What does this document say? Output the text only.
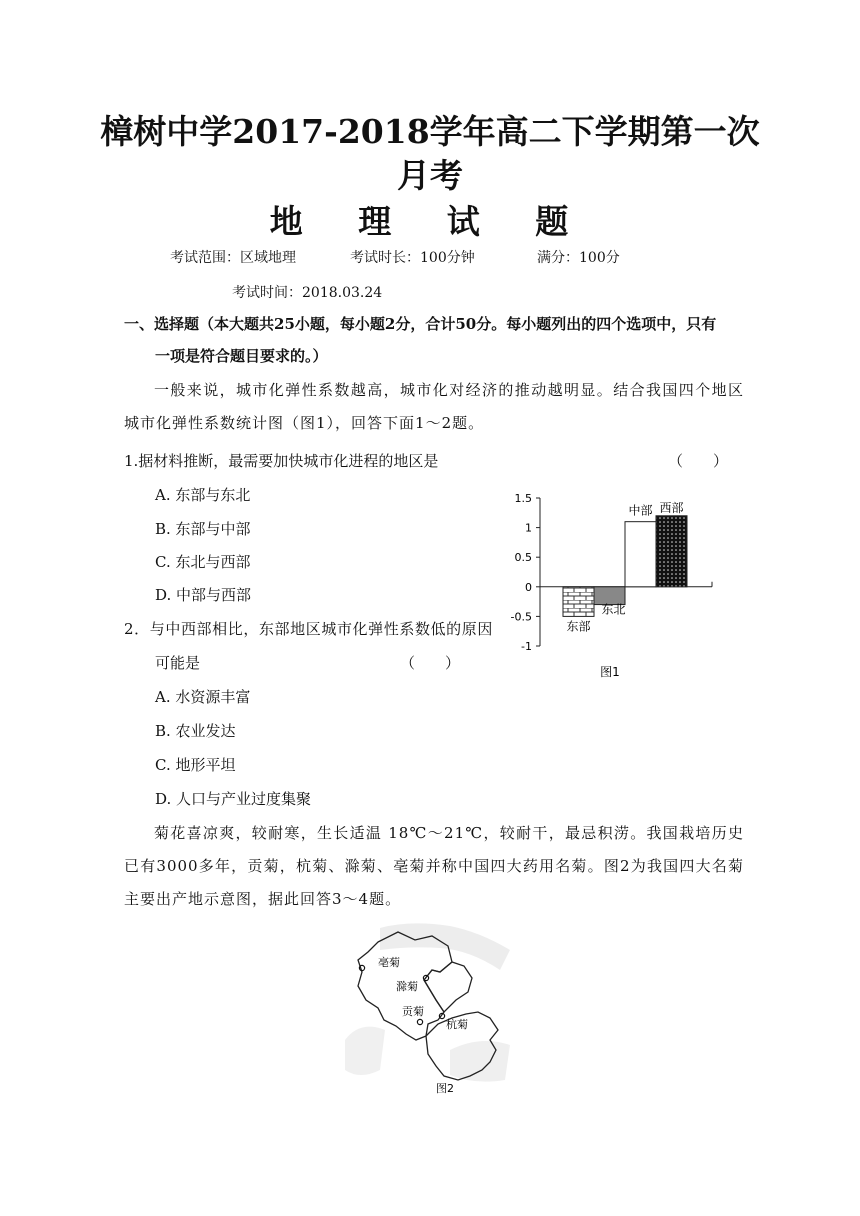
樟树中学2017-2018学年高二下学期第一次
月考
地 理 试 题
考试范围：区域地理	考试时长：100分钟	满分：100分
考试时间：2018.03.24
一、选择题（本大题共25小题，每小题2分，合计50分。每小题列出的四个选项中，只有
一项是符合题目要求的。）
一般来说，城市化弹性系数越高，城市化对经济的推动越明显。结合我国四个地区城市化弹性系数统计图（图1），回答下面1～2题。
1.据材料推断，最需要加快城市化进程的地区是	（　　）
A. 东部与东北
B. 东部与中部
C. 东北与西部
D. 中部与西部
2．与中西部相比，东部地区城市化弹性系数低的原因
可能是	（　　）
A. 水资源丰富
B. 农业发达
C. 地形平坦
D. 人口与产业过度集聚
1.5
1
0.5
0
-0.5
-1
东部
东北
中部 西部
图1
菊花喜凉爽，较耐寒，生长适温 18℃～21℃，较耐干，最忌积涝。我国栽培历史已有3000多年，贡菊，杭菊、滁菊、亳菊并称中国四大药用名菊。图2为我国四大名菊主要出产地示意图，据此回答3～4题。
亳菊
滁菊
贡菊
杭菊
图2
